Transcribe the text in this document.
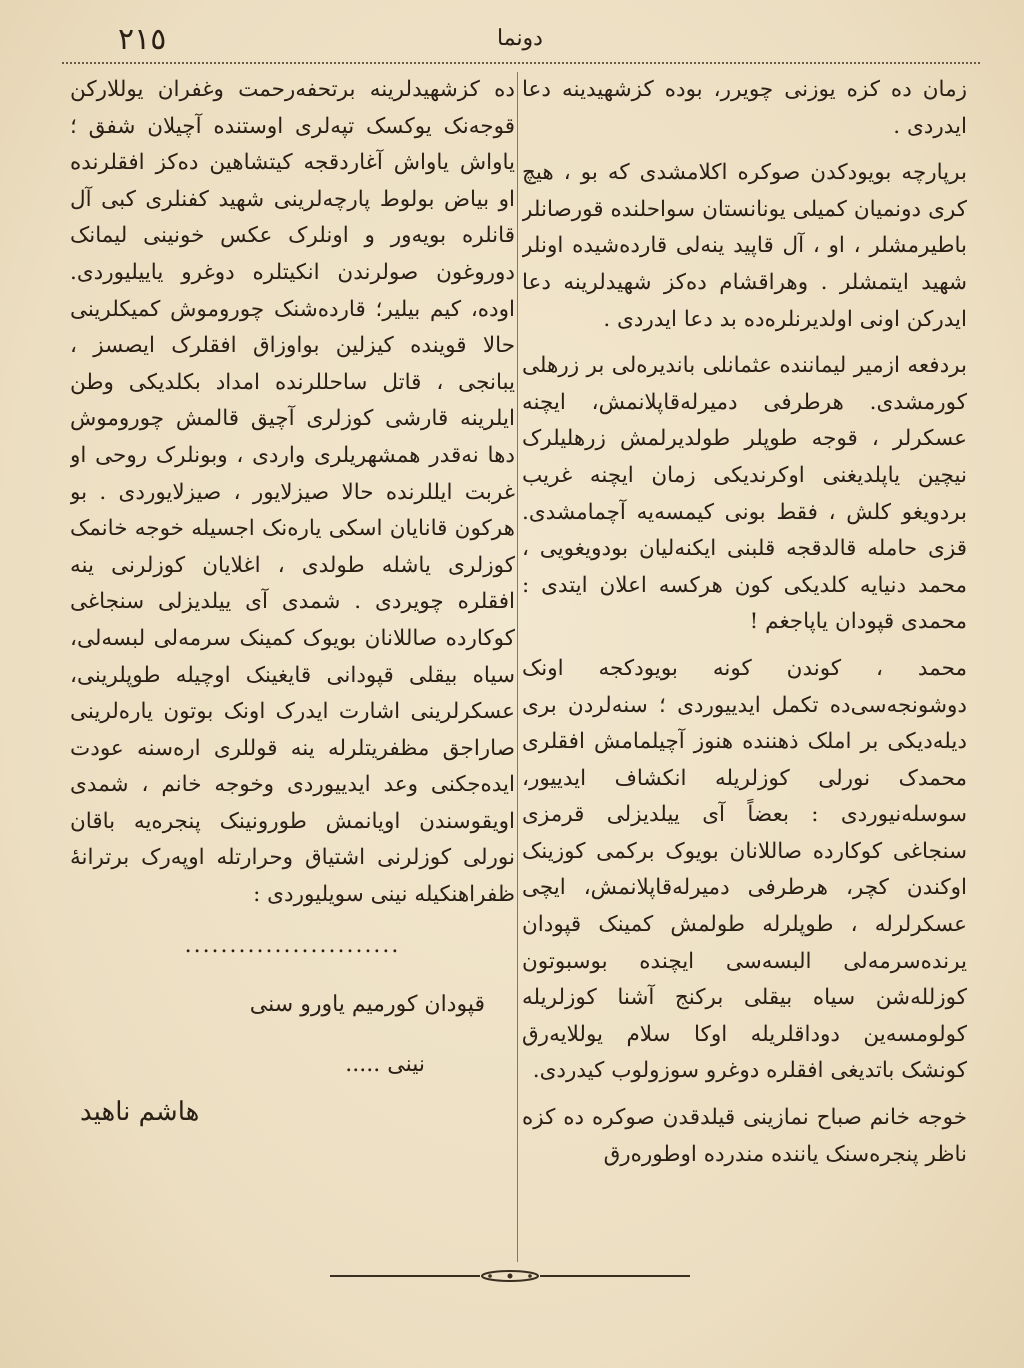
٢١٥	دونما

زمان ده کزه یوزنی چویرر، بوده کزشهیدینه دعا ایدردی .

برپارچه بویودکدن صوکره اکلامشدی که بو ، هیچ کری دونمیان کمیلی یونانستان سواحلنده قورصانلر باطیرمشلر ، او ، آل قاپید ینه‌لی قارده‌شیده اونلر شهید ایتمشلر . وهراقشام ده‌کز شهیدلرینه دعا ایدرکن اونی اولدیرنلره‌ده بد دعا ایدردی .

بردفعه ازمیر لیماننده عثمانلی باندیره‌لی بر زرهلی کورمشدی. هرطرفی دمیرله‌قاپلانمش، ایچنه عسکرلر ، قوجه طوپلر طولدیرلمش زرهلیلرک نیچین یاپلدیغنی اوکرندیکی زمان ایچنه غریب بردویغو کلش ، فقط بونی کیمسه‌یه آچمامشدی. قزی حامله قالدقجه قلبنی ایکنه‌لیان بودویغویی ، محمد دنیایه کلدیکی کون هرکسه اعلان ایتدی : محمدی قپودان یاپاجغم !

محمد ، کوندن کونه بویودکجه اونک دوشونجه‌سی‌ده تکمل ایدییوردی ؛ سنه‌لردن بری دیله‌دیکی بر املک ذهننده هنوز آچیلمامش افقلری محمدک نورلی کوزلریله انکشاف ایدییور، سوسله‌نیوردی : بعضاً آی ییلدیزلی قرمزی سنجاغی کوکارده صاللانان بویوک برکمی کوزینک اوکندن کچر، هرطرفی دمیرله‌قاپلانمش، ایچی عسکرلرله ، طوپلرله طولمش کمینک قپودان یرنده‌سرمه‌لی البسه‌سی ایچنده بوسبوتون کوزلله‌شن سیاه بیقلی برکنج آشنا کوزلریله کولومسه‌ین دوداقلریله اوکا سلام یوللایه‌رق کونشک باتدیغی افقلره دوغرو سوزولوب کیدردی.

خوجه خانم صباح نمازینی قیلدقدن صوکره ده کزه ناظر پنجره‌سنک یاننده مندرده اوطوره‌رق

ده کزشهیدلرینه برتحفه‌رحمت وغفران یوللارکن قوجه‌نک یوکسک تپه‌لری اوستنده آچیلان شفق ؛ یاواش یاواش آغاردقجه کیتشاهین ده‌کز افقلرنده او بیاض بولوط پارچه‌لرینی شهید کفنلری کبی آل قانلره بویه‌ور و اونلرک عکس خونینی لیمانک دوروغون صولرندن انکیتلره دوغرو یاییلیوردی. اوده، کیم بیلیر؛ قارده‌شنک چوروموش کمیکلرینی حالا قوینده کیزلین بواوزاق افقلرک ایصسز ، یبانجی ، قاتل ساحللرنده امداد بکلدیکی وطن ایلرینه قارشی کوزلری آچیق قالمش چوروموش دها نه‌قدر همشهریلری واردی ، وبونلرک روحی او غربت ایللرنده حالا صیزلایور ، صیزلایوردی . بو هرکون قانایان اسکی یاره‌نک اجسیله خوجه خانمک کوزلری یاشله طولدی ، اغلایان کوزلرنی ینه افقلره چویردی . شمدی آی ییلدیزلی سنجاغی کوکارده صاللانان بویوک کمینک سرمه‌لی لبسه‌لی، سیاه بیقلی قپودانی قایغینک اوچیله طوپلرینی، عسکرلرینی اشارت ایدرک اونک بوتون یاره‌لرینی صاراجق مظفریتلرله ینه قوللری اره‌سنه عودت ایده‌جکنی وعد ایدییوردی وخوجه خانم ، شمدی اویقوسندن اویانمش طورونینک پنجره‌یه باقان نورلی کوزلرنی اشتیاق وحرارتله اوپه‌رک برترانهٔ ظفراهنکیله نینی سویلیوردی :

........................
قپودان کورمیم یاورو سنی
نینی .....
هاشم ناهید
